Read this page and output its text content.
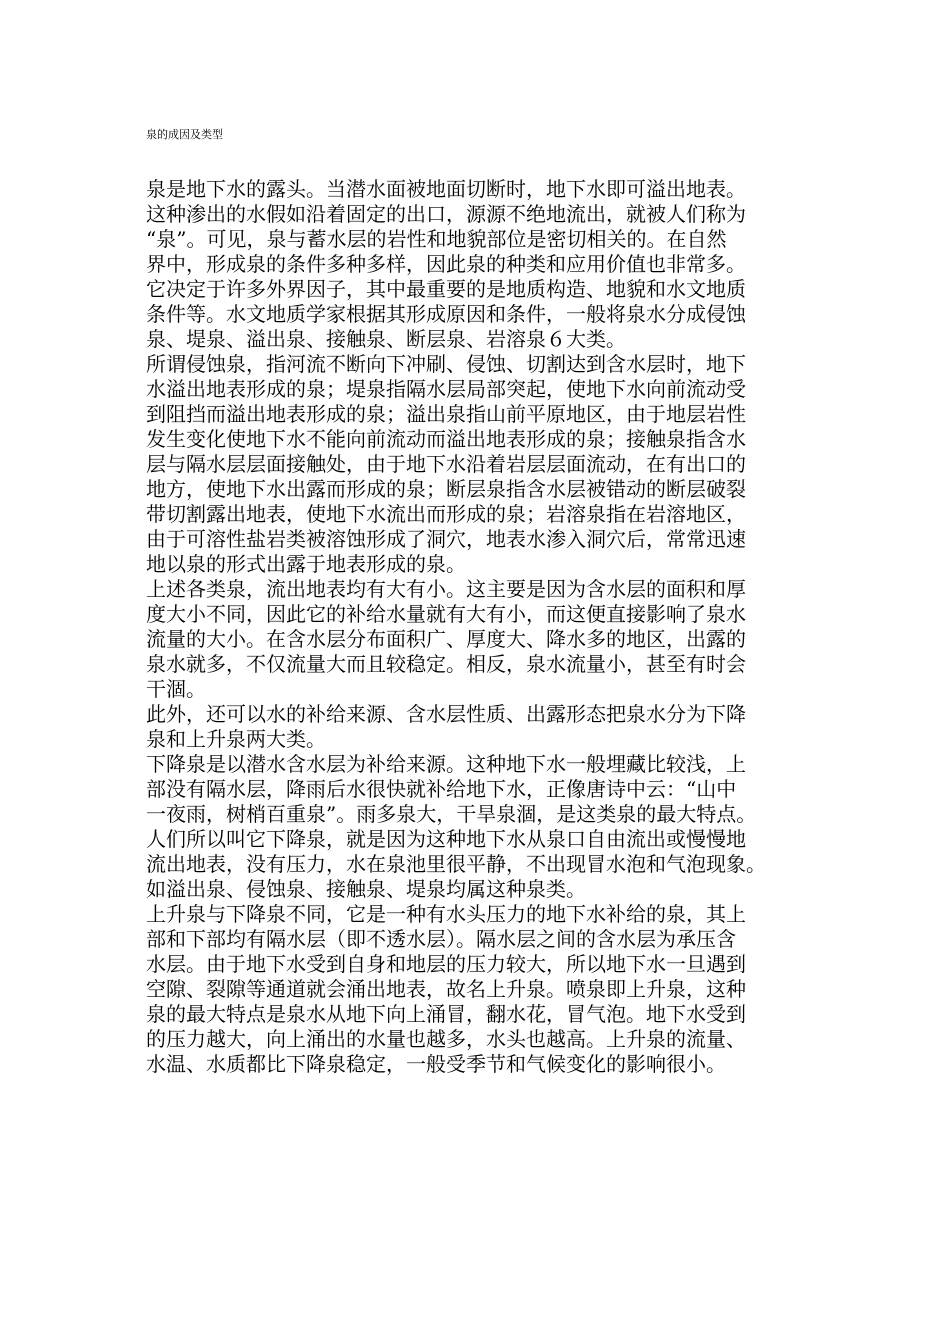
泉的成因及类型

泉是地下水的露头。当潜水面被地面切断时，地下水即可溢出地表。
这种渗出的水假如沿着固定的出口，源源不绝地流出，就被人们称为
“泉”。可见，泉与蓄水层的岩性和地貌部位是密切相关的。在自然
界中，形成泉的条件多种多样，因此泉的种类和应用价值也非常多。
它决定于许多外界因子，其中最重要的是地质构造、地貌和水文地质
条件等。水文地质学家根据其形成原因和条件，一般将泉水分成侵蚀
泉、堤泉、溢出泉、接触泉、断层泉、岩溶泉６大类。

所谓侵蚀泉，指河流不断向下冲刷、侵蚀、切割达到含水层时，地下
水溢出地表形成的泉；堤泉指隔水层局部突起，使地下水向前流动受
到阻挡而溢出地表形成的泉；溢出泉指山前平原地区，由于地层岩性
发生变化使地下水不能向前流动而溢出地表形成的泉；接触泉指含水
层与隔水层层面接触处，由于地下水沿着岩层层面流动，在有出口的
地方，使地下水出露而形成的泉；断层泉指含水层被错动的断层破裂
带切割露出地表，使地下水流出而形成的泉；岩溶泉指在岩溶地区，
由于可溶性盐岩类被溶蚀形成了洞穴，地表水渗入洞穴后，常常迅速
地以泉的形式出露于地表形成的泉。

上述各类泉，流出地表均有大有小。这主要是因为含水层的面积和厚
度大小不同，因此它的补给水量就有大有小，而这便直接影响了泉水
流量的大小。在含水层分布面积广、厚度大、降水多的地区，出露的
泉水就多，不仅流量大而且较稳定。相反，泉水流量小，甚至有时会
干涸。

此外，还可以水的补给来源、含水层性质、出露形态把泉水分为下降
泉和上升泉两大类。

下降泉是以潜水含水层为补给来源。这种地下水一般埋藏比较浅，上
部没有隔水层，降雨后水很快就补给地下水，正像唐诗中云：“山中
一夜雨，树梢百重泉”。雨多泉大，干旱泉涸，是这类泉的最大特点。
人们所以叫它下降泉，就是因为这种地下水从泉口自由流出或慢慢地
流出地表，没有压力，水在泉池里很平静，不出现冒水泡和气泡现象。
如溢出泉、侵蚀泉、接触泉、堤泉均属这种泉类。

上升泉与下降泉不同，它是一种有水头压力的地下水补给的泉，其上
部和下部均有隔水层（即不透水层）。隔水层之间的含水层为承压含
水层。由于地下水受到自身和地层的压力较大，所以地下水一旦遇到
空隙、裂隙等通道就会涌出地表，故名上升泉。喷泉即上升泉，这种
泉的最大特点是泉水从地下向上涌冒，翻水花，冒气泡。地下水受到
的压力越大，向上涌出的水量也越多，水头也越高。上升泉的流量、
水温、水质都比下降泉稳定，一般受季节和气候变化的影响很小。
